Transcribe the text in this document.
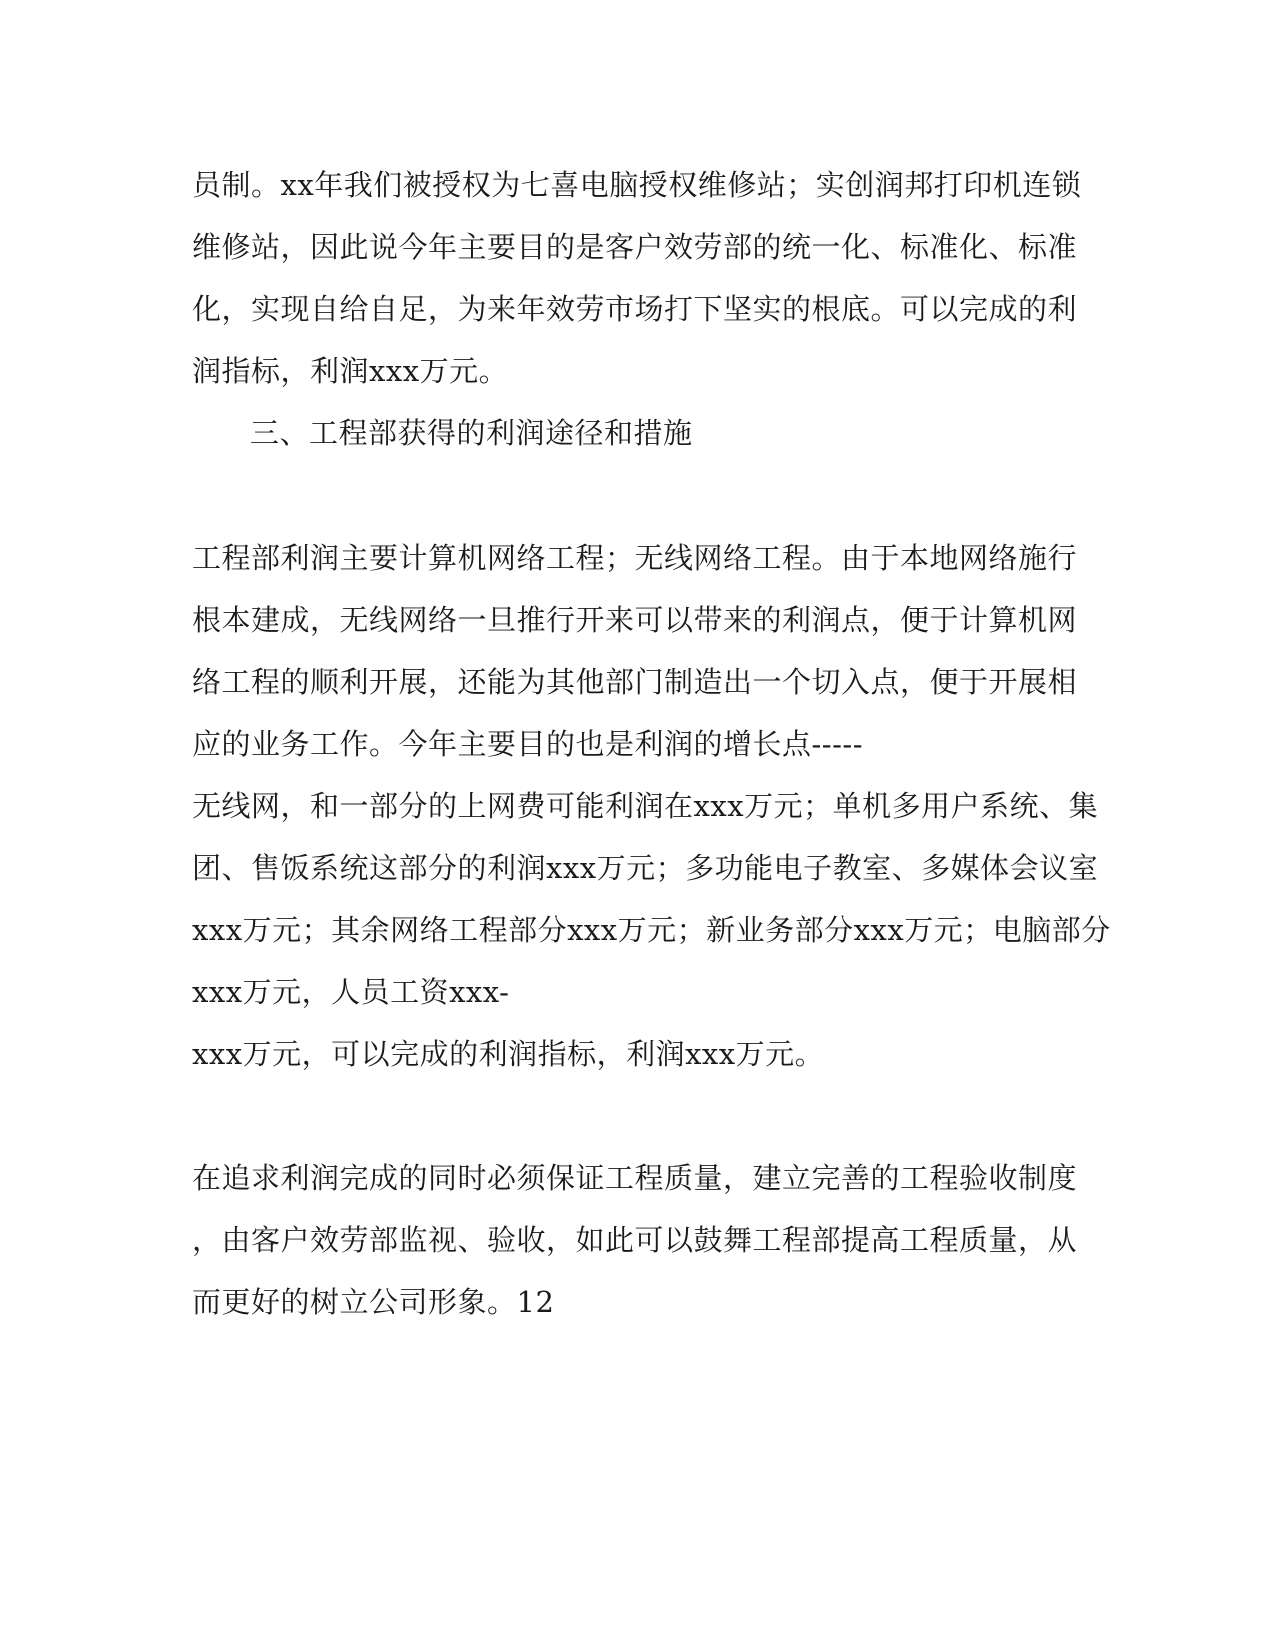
员制。xx年我们被授权为七喜电脑授权维修站；实创润邦打印机连锁
维修站，因此说今年主要目的是客户效劳部的统一化、标准化、标准
化，实现自给自足，为来年效劳市场打下坚实的根底。可以完成的利
润指标，利润xxx万元。
三、工程部获得的利润途径和措施
工程部利润主要计算机网络工程；无线网络工程。由于本地网络施行
根本建成，无线网络一旦推行开来可以带来的利润点，便于计算机网
络工程的顺利开展，还能为其他部门制造出一个切入点，便于开展相
应的业务工作。今年主要目的也是利润的增长点-----
无线网，和一部分的上网费可能利润在xxx万元；单机多用户系统、集
团、售饭系统这部分的利润xxx万元；多功能电子教室、多媒体会议室
xxx万元；其余网络工程部分xxx万元；新业务部分xxx万元；电脑部分
xxx万元，人员工资xxx-
xxx万元，可以完成的利润指标，利润xxx万元。
在追求利润完成的同时必须保证工程质量，建立完善的工程验收制度
，由客户效劳部监视、验收，如此可以鼓舞工程部提高工程质量，从
而更好的树立公司形象。12
